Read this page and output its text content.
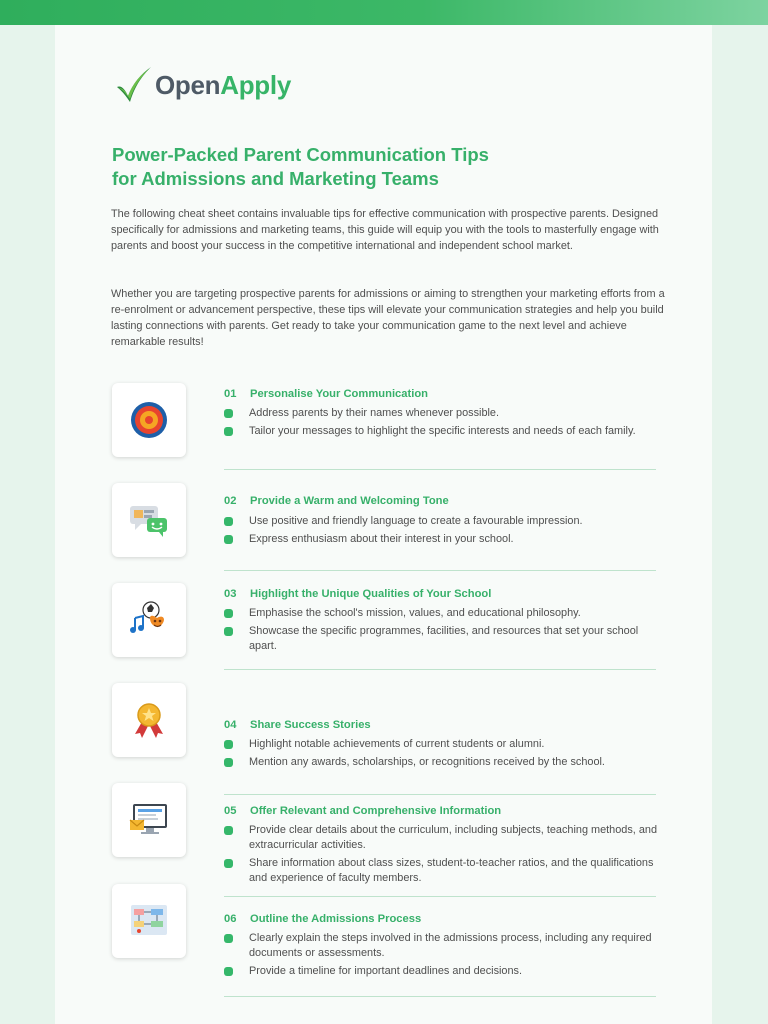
OpenApply
Power-Packed Parent Communication Tips
for Admissions and Marketing Teams

The following cheat sheet contains invaluable tips for effective communication with prospective parents. Designed specifically for admissions and marketing teams, this guide will equip you with the tools to masterfully engage with parents and boost your success in the competitive international and independent school market.

Whether you are targeting prospective parents for admissions or aiming to strengthen your marketing efforts from a re-enrolment or advancement perspective, these tips will elevate your communication strategies and help you build lasting connections with parents. Get ready to take your communication game to the next level and achieve remarkable results!

01 Personalise Your Communication
Address parents by their names whenever possible.
Tailor your messages to highlight the specific interests and needs of each family.
02 Provide a Warm and Welcoming Tone
Use positive and friendly language to create a favourable impression.
Express enthusiasm about their interest in your school.
03 Highlight the Unique Qualities of Your School
Emphasise the school's mission, values, and educational philosophy.
Showcase the specific programmes, facilities, and resources that set your school apart.
04 Share Success Stories
Highlight notable achievements of current students or alumni.
Mention any awards, scholarships, or recognitions received by the school.
05 Offer Relevant and Comprehensive Information
Provide clear details about the curriculum, including subjects, teaching methods, and extracurricular activities.
Share information about class sizes, student-to-teacher ratios, and the qualifications and experience of faculty members.
06 Outline the Admissions Process
Clearly explain the steps involved in the admissions process, including any required documents or assessments.
Provide a timeline for important deadlines and decisions.
